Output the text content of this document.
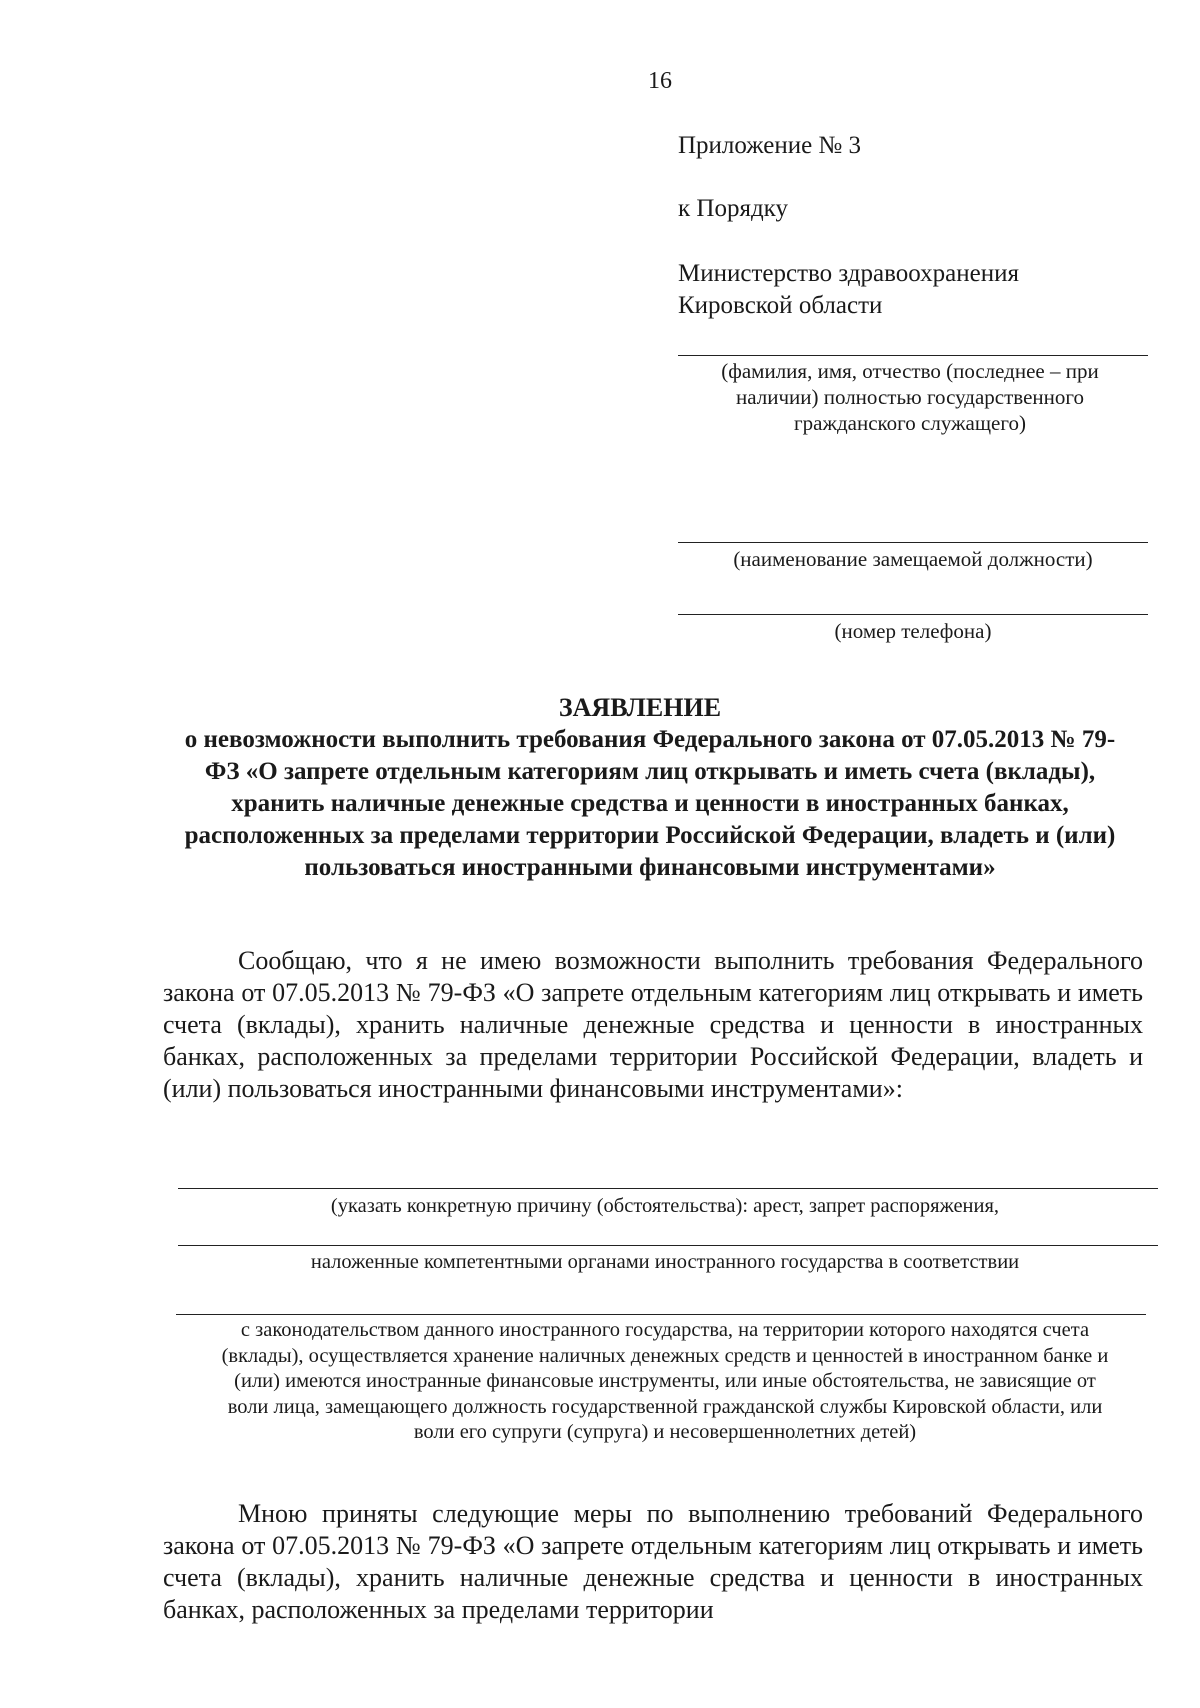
16
Приложение № 3
к Порядку
Министерство здравоохранения
Кировской области
(фамилия, имя, отчество (последнее – при наличии) полностью государственного гражданского служащего)
(наименование замещаемой должности)
(номер телефона)
ЗАЯВЛЕНИЕ
о невозможности выполнить требования Федерального закона от 07.05.2013 № 79-ФЗ «О запрете отдельным категориям лиц открывать и иметь счета (вклады), хранить наличные денежные средства и ценности в иностранных банках, расположенных за пределами территории Российской Федерации, владеть и (или) пользоваться иностранными финансовыми инструментами»
Сообщаю, что я не имею возможности выполнить требования Федерального закона от 07.05.2013 № 79-ФЗ «О запрете отдельным категориям лиц открывать и иметь счета (вклады), хранить наличные денежные средства и ценности в иностранных банках, расположенных за пределами территории Российской Федерации, владеть и (или) пользоваться иностранными финансовыми инструментами»:
(указать конкретную причину (обстоятельства): арест, запрет распоряжения,
наложенные компетентными органами иностранного государства в соответствии
с законодательством данного иностранного государства, на территории которого находятся счета (вклады), осуществляется хранение наличных денежных средств и ценностей в иностранном банке и (или) имеются иностранные финансовые инструменты, или иные обстоятельства, не зависящие от воли лица, замещающего должность государственной гражданской службы Кировской области, или воли его супруги (супруга) и несовершеннолетних детей)
Мною приняты следующие меры по выполнению требований Федерального закона от 07.05.2013 № 79-ФЗ «О запрете отдельным категориям лиц открывать и иметь счета (вклады), хранить наличные денежные средства и ценности в иностранных банках, расположенных за пределами территории
